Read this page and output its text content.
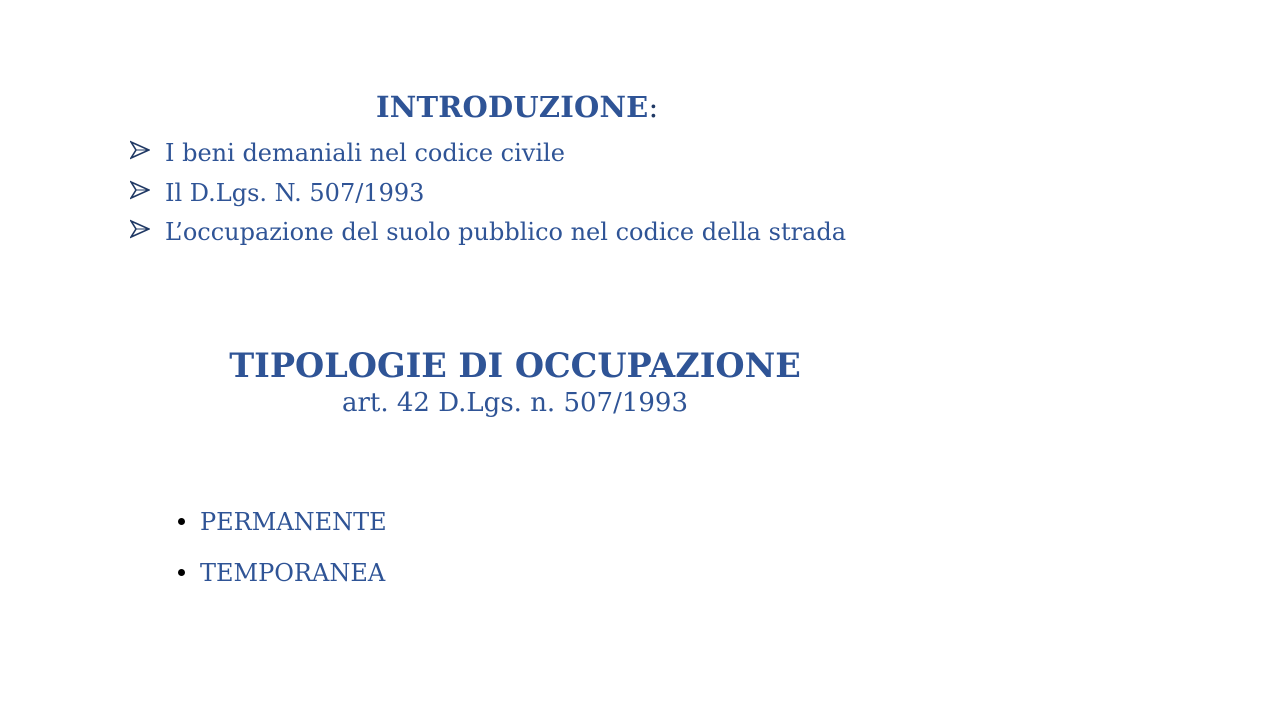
INTRODUZIONE:
I beni demaniali nel codice civile
Il D.Lgs. N. 507/1993
L’occupazione del suolo pubblico nel codice della strada
TIPOLOGIE DI OCCUPAZIONE
art. 42 D.Lgs. n. 507/1993
PERMANENTE
TEMPORANEA
